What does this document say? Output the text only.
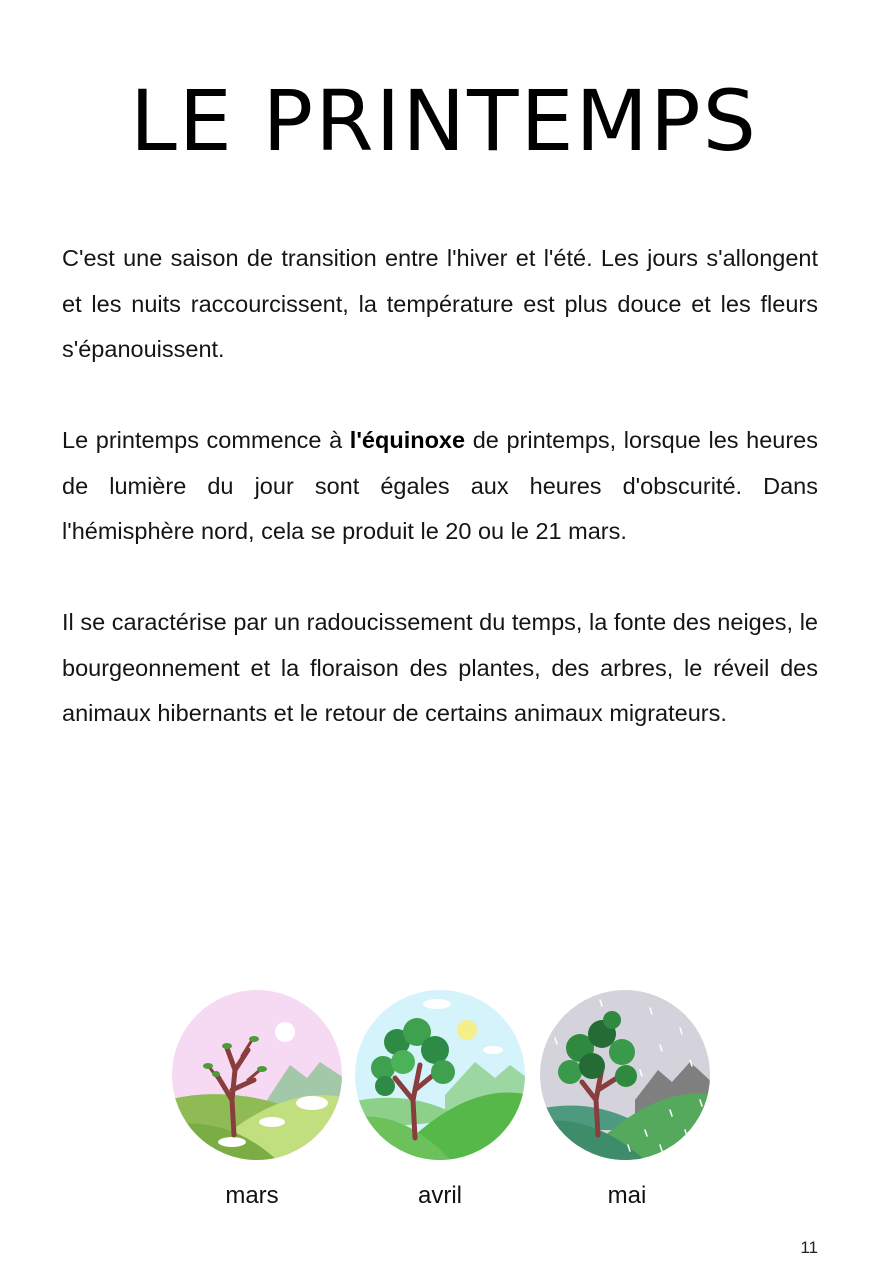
LE PRINTEMPS

C'est une saison de transition entre l'hiver et l'été. Les jours s'allongent et les nuits raccourcissent, la température est plus douce et les fleurs s'épanouissent.

Le printemps commence à l'équinoxe de printemps, lorsque les heures de lumière du jour sont égales aux heures d'obscurité. Dans l'hémisphère nord, cela se produit le 20 ou le 21 mars.

Il se caractérise par un radoucissement du temps, la fonte des neiges, le bourgeonnement et la floraison des plantes, des arbres, le réveil des animaux hibernants et le retour de certains animaux migrateurs.

mars	avril	mai
11
